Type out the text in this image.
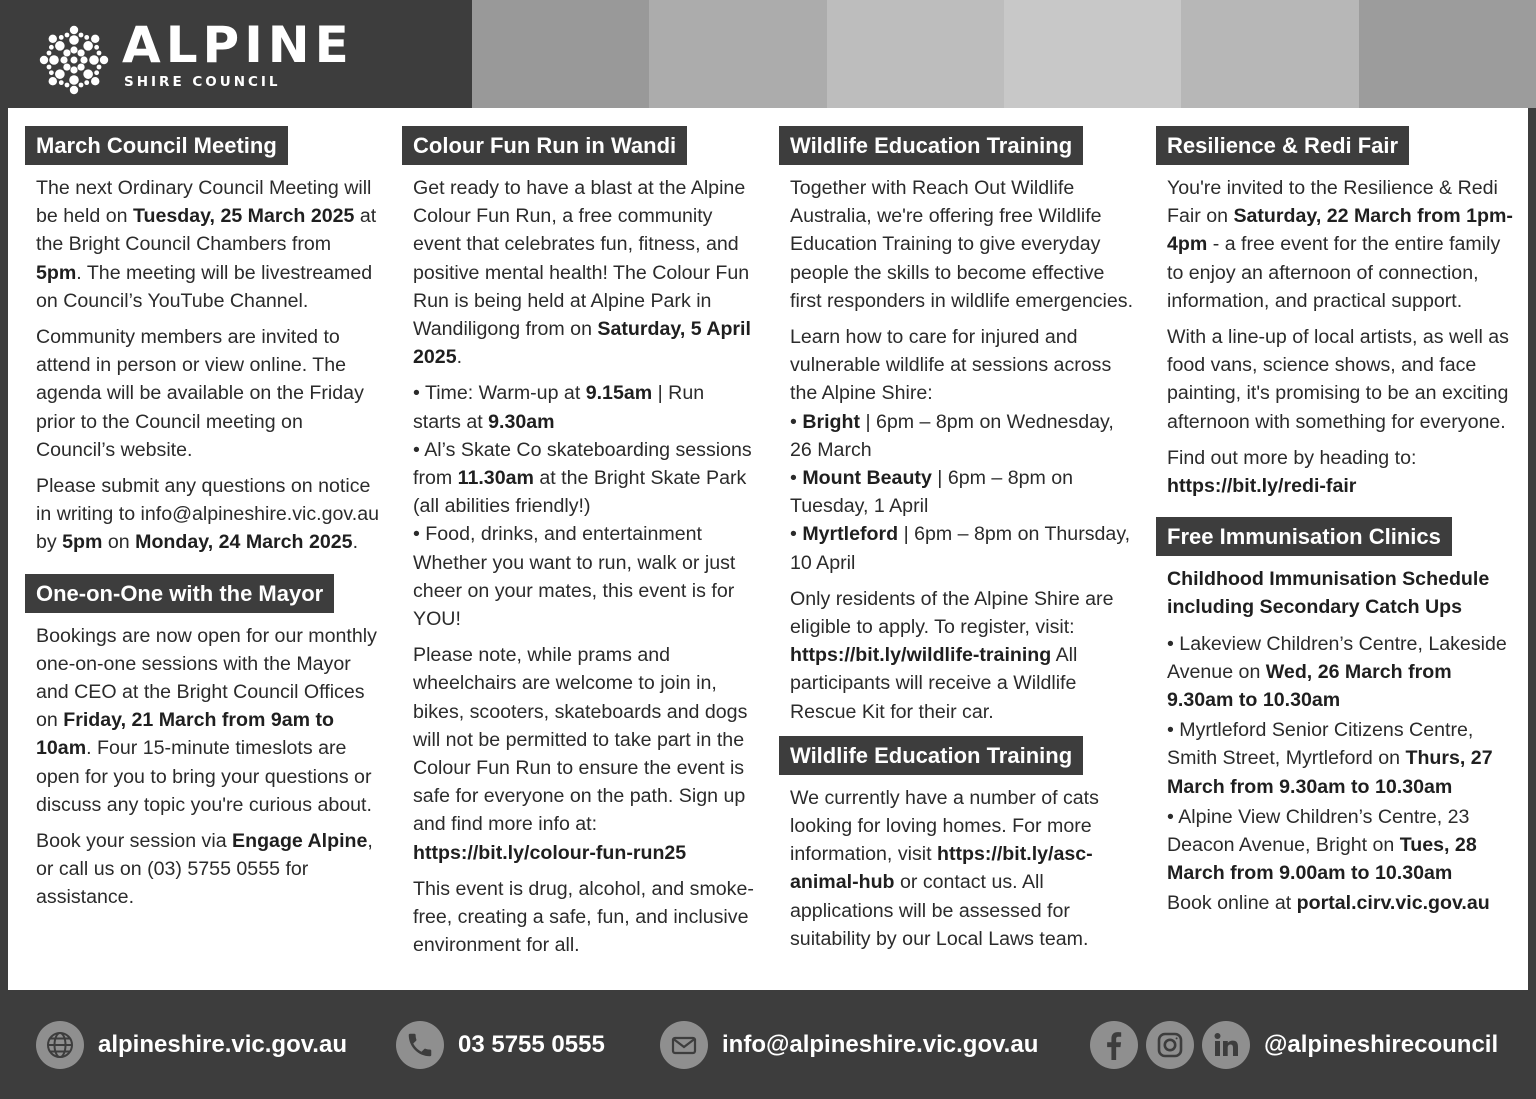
ALPINE
SHIRE COUNCIL
March Council Meeting

The next Ordinary Council Meeting will be held on Tuesday, 25 March 2025 at the Bright Council Chambers from 5pm. The meeting will be livestreamed on Council’s YouTube Channel.

Community members are invited to attend in person or view online. The agenda will be available on the Friday prior to the Council meeting on Council’s website.

Please submit any questions on notice in writing to info@alpineshire.vic.gov.au by 5pm on Monday, 24 March 2025.

One-on-One with the Mayor

Bookings are now open for our monthly one-on-one sessions with the Mayor and CEO at the Bright Council Offices on Friday, 21 March from 9am to 10am. Four 15-minute timeslots are open for you to bring your questions or discuss any topic you're curious about.

Book your session via Engage Alpine, or call us on (03) 5755 0555 for assistance.

Colour Fun Run in Wandi

Get ready to have a blast at the Alpine Colour Fun Run, a free community event that celebrates fun, fitness, and positive mental health! The Colour Fun Run is being held at Alpine Park in Wandiligong from on Saturday, 5 April 2025.

• Time: Warm-up at 9.15am | Run starts at 9.30am
• Al’s Skate Co skateboarding sessions from 11.30am at the Bright Skate Park (all abilities friendly!)
• Food, drinks, and entertainment
Whether you want to run, walk or just cheer on your mates, this event is for YOU!

Please note, while prams and wheelchairs are welcome to join in, bikes, scooters, skateboards and dogs will not be permitted to take part in the Colour Fun Run to ensure the event is safe for everyone on the path. Sign up and find more info at: https://bit.ly/colour-fun-run25

This event is drug, alcohol, and smoke-free, creating a safe, fun, and inclusive environment for all.

Wildlife Education Training

Together with Reach Out Wildlife Australia, we're offering free Wildlife Education Training to give everyday people the skills to become effective first responders in wildlife emergencies.

Learn how to care for injured and vulnerable wildlife at sessions across the Alpine Shire:
• Bright | 6pm – 8pm on Wednesday, 26 March
• Mount Beauty | 6pm – 8pm on Tuesday, 1 April
• Myrtleford | 6pm – 8pm on Thursday, 10 April

Only residents of the Alpine Shire are eligible to apply. To register, visit: https://bit.ly/wildlife-training All participants will receive a Wildlife Rescue Kit for their car.

Wildlife Education Training

We currently have a number of cats looking for loving homes. For more information, visit https://bit.ly/asc-animal-hub or contact us. All applications will be assessed for suitability by our Local Laws team.

Resilience & Redi Fair

You're invited to the Resilience & Redi Fair on Saturday, 22 March from 1pm-4pm - a free event for the entire family to enjoy an afternoon of connection, information, and practical support.

With a line-up of local artists, as well as food vans, science shows, and face painting, it's promising to be an exciting afternoon with something for everyone.

Find out more by heading to: https://bit.ly/redi-fair

Free Immunisation Clinics

Childhood Immunisation Schedule including Secondary Catch Ups

• Lakeview Children’s Centre, Lakeside Avenue on Wed, 26 March from 9.30am to 10.30am

• Myrtleford Senior Citizens Centre, Smith Street, Myrtleford on Thurs, 27 March from 9.30am to 10.30am

• Alpine View Children’s Centre, 23 Deacon Avenue, Bright on Tues, 28 March from 9.00am to 10.30am

Book online at portal.cirv.vic.gov.au

alpineshire.vic.gov.au	03 5755 0555	info@alpineshire.vic.gov.au	@alpineshirecouncil
